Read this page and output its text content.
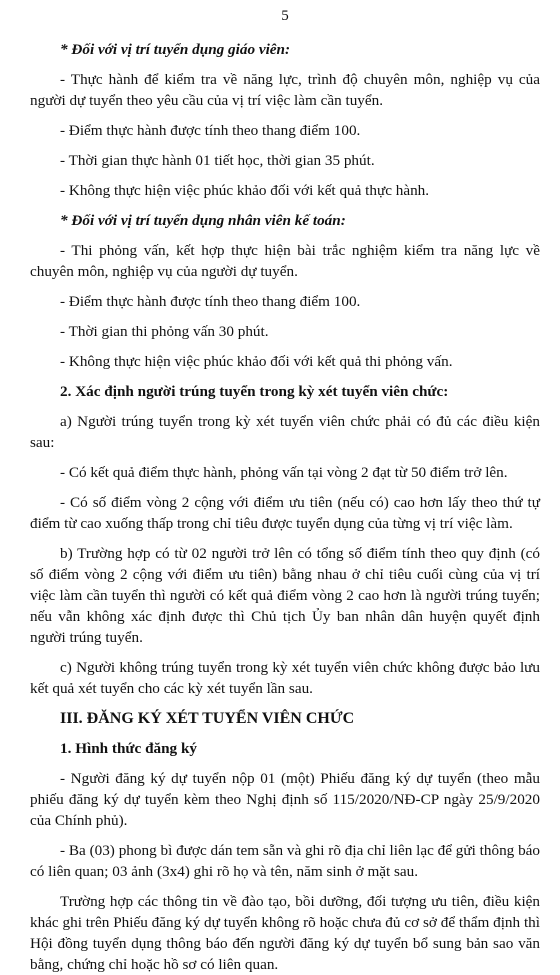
5

* Đối với vị trí tuyển dụng giáo viên:

- Thực hành để kiểm tra về năng lực, trình độ chuyên môn, nghiệp vụ của người dự tuyển theo yêu cầu của vị trí việc làm cần tuyển.

- Điểm thực hành được tính theo thang điểm 100.

- Thời gian thực hành 01 tiết học, thời gian 35 phút.

- Không thực hiện việc phúc khảo đối với kết quả thực hành.

* Đối với vị trí tuyển dụng nhân viên kế toán:

- Thi phỏng vấn, kết hợp thực hiện bài trắc nghiệm kiểm tra năng lực về chuyên môn, nghiệp vụ của người dự tuyển.

- Điểm thực hành được tính theo thang điểm 100.

- Thời gian thi phỏng vấn 30 phút.

- Không thực hiện việc phúc khảo đối với kết quả thi phỏng vấn.

2. Xác định người trúng tuyển trong kỳ xét tuyển viên chức:

a) Người trúng tuyển trong kỳ xét tuyển viên chức phải có đủ các điều kiện sau:

- Có kết quả điểm thực hành, phỏng vấn tại vòng 2 đạt từ 50 điểm trở lên.

- Có số điểm vòng 2 cộng với điểm ưu tiên (nếu có) cao hơn lấy theo thứ tự điểm từ cao xuống thấp trong chỉ tiêu được tuyển dụng của từng vị trí việc làm.

b) Trường hợp có từ 02 người trở lên có tổng số điểm tính theo quy định (có số điểm vòng 2 cộng với điểm ưu tiên) bằng nhau ở chỉ tiêu cuối cùng của vị trí việc làm cần tuyển thì người có kết quả điểm vòng 2 cao hơn là người trúng tuyển; nếu vẫn không xác định được thì Chủ tịch Ủy ban nhân dân huyện quyết định người trúng tuyển.

c) Người không trúng tuyển trong kỳ xét tuyển viên chức không được bảo lưu kết quả xét tuyển cho các kỳ xét tuyển lần sau.

III. ĐĂNG KÝ XÉT TUYỂN VIÊN CHỨC

1. Hình thức đăng ký

- Người đăng ký dự tuyển nộp 01 (một) Phiếu đăng ký dự tuyển (theo mẫu phiếu đăng ký dự tuyển kèm theo Nghị định số 115/2020/NĐ-CP ngày 25/9/2020 của Chính phủ).

- Ba (03) phong bì được dán tem sẵn và ghi rõ địa chỉ liên lạc để gửi thông báo có liên quan; 03 ảnh (3x4) ghi rõ họ và tên, năm sinh ở mặt sau.

Trường hợp các thông tin về đào tạo, bồi dưỡng, đối tượng ưu tiên, điều kiện khác ghi trên Phiếu đăng ký dự tuyển không rõ hoặc chưa đủ cơ sở để thẩm định thì Hội đồng tuyển dụng thông báo đến người đăng ký dự tuyển bổ sung bản sao văn bằng, chứng chỉ hoặc hồ sơ có liên quan.
